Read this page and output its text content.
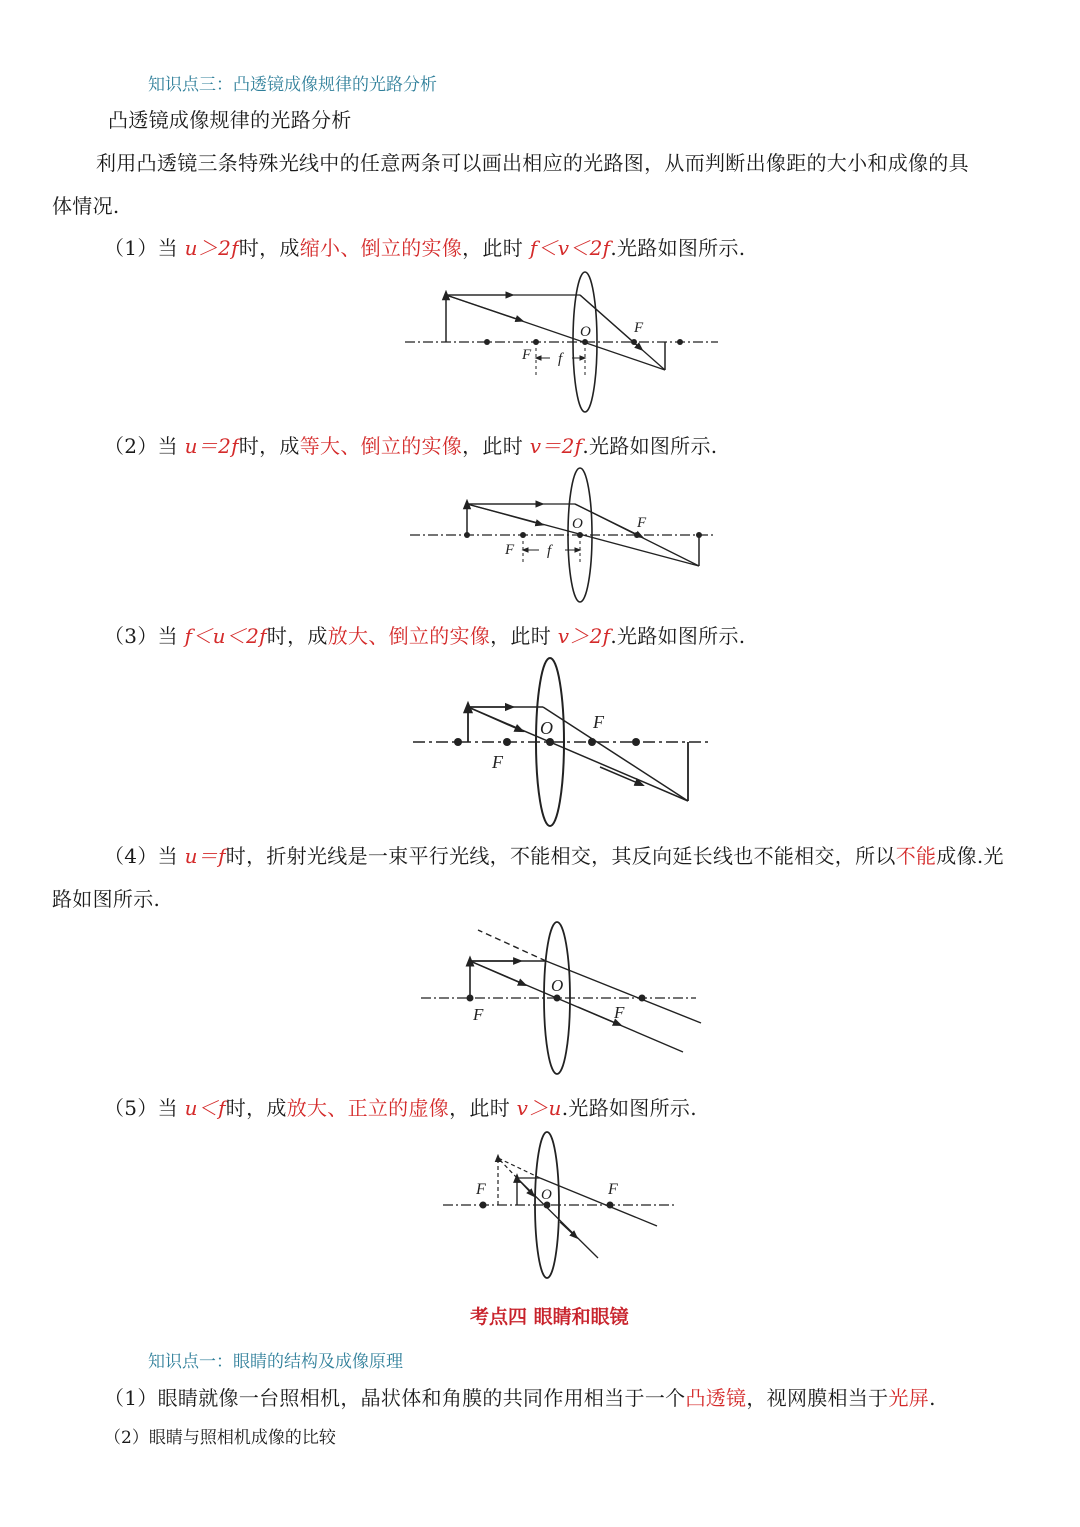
知识点三：凸透镜成像规律的光路分析
凸透镜成像规律的光路分析
利用凸透镜三条特殊光线中的任意两条可以画出相应的光路图，从而判断出像距的大小和成像的具
体情况.
（1）当 u＞2f时，成缩小、倒立的实像，此时 f＜v＜2f.光路如图所示.
f
F
O	F
（2）当 u＝2f时，成等大、倒立的实像，此时 v＝2f.光路如图所示.
f
F
O	F
（3）当 f＜u＜2f时，成放大、倒立的实像，此时 v＞2f.光路如图所示.
O F
F
（4）当 u＝f时，折射光线是一束平行光线，不能相交，其反向延长线也不能相交，所以不能成像.光
路如图所示.
O
F	F
（5）当 u＜f时，成放大、正立的虚像，此时 v＞u.光路如图所示.
O
F	F
考点四 眼睛和眼镜
知识点一：眼睛的结构及成像原理
（1）眼睛就像一台照相机，晶状体和角膜的共同作用相当于一个凸透镜，视网膜相当于光屏.
（2）眼睛与照相机成像的比较
